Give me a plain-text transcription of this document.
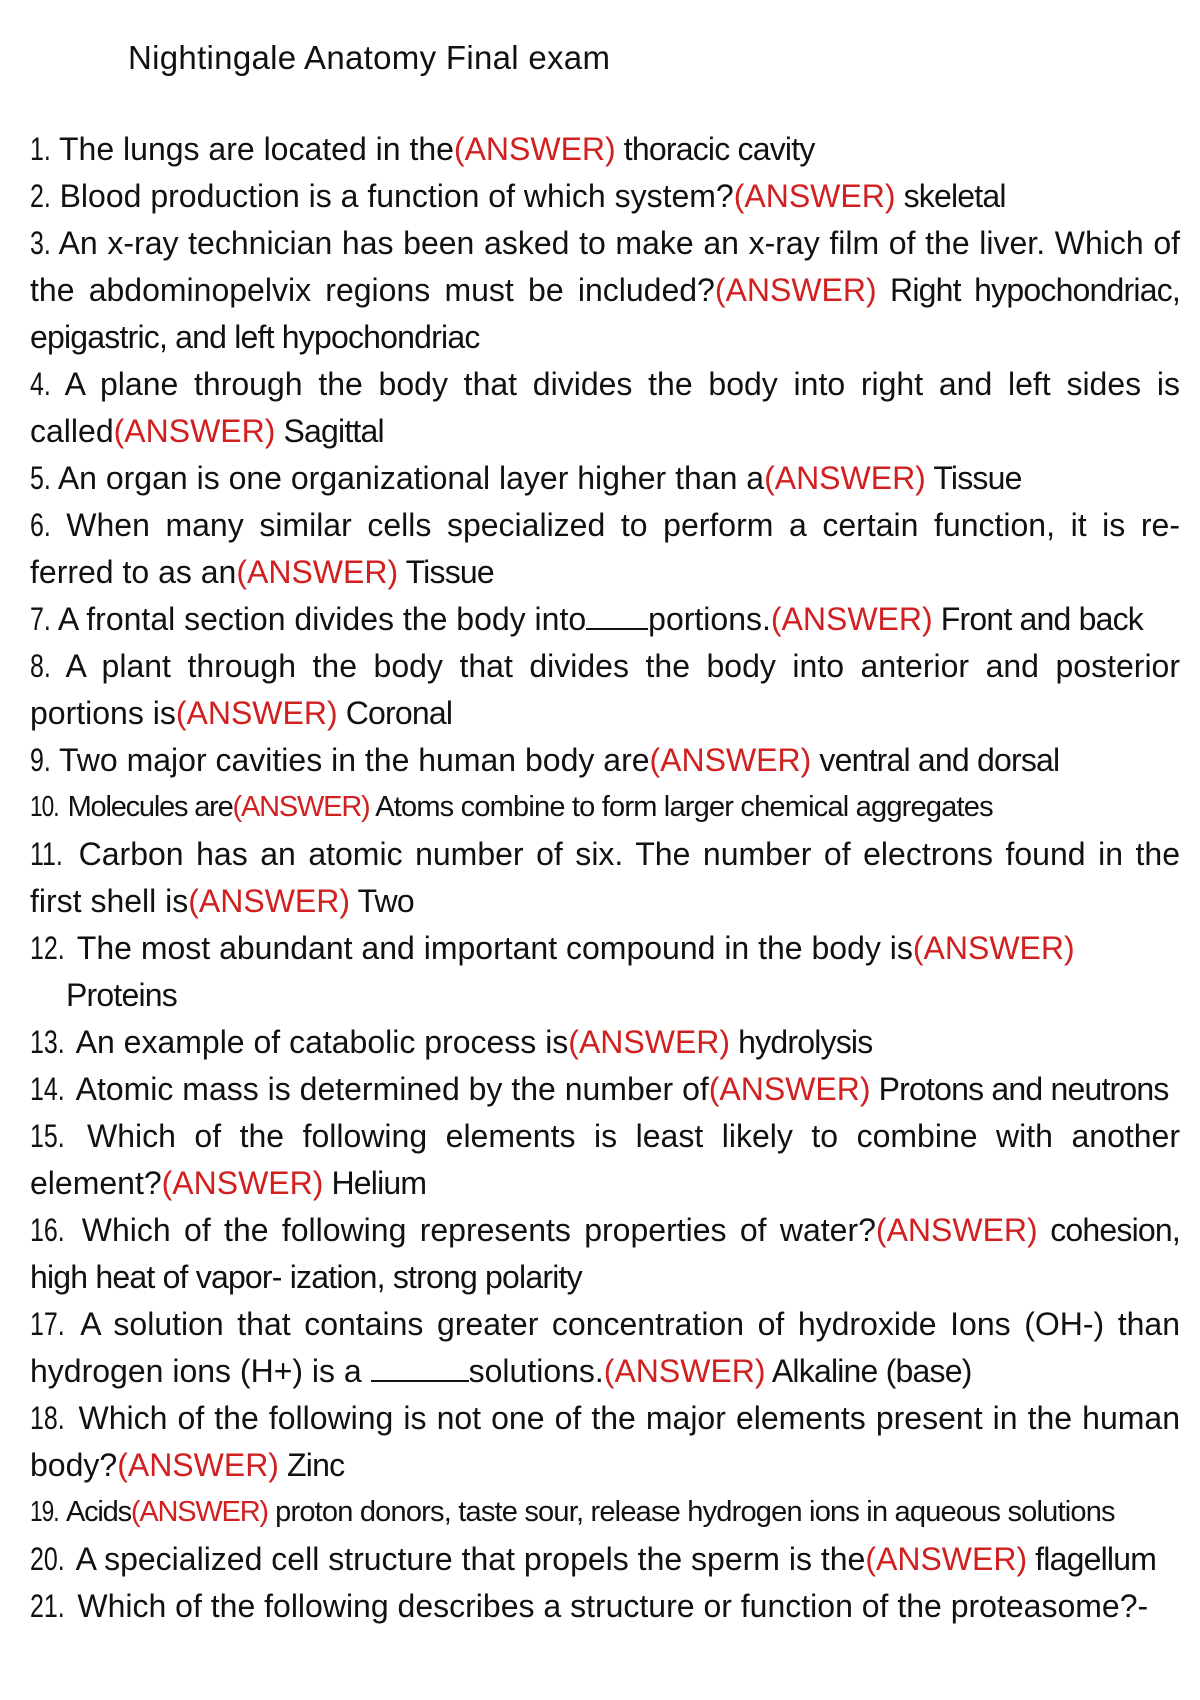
Nightingale Anatomy Final exam
1. The lungs are located in the(ANSWER) thoracic cavity
2. Blood production is a function of which system?(ANSWER) skeletal
3. An x-ray technician has been asked to make an x-ray film of the liver. Which of the abdominopelvix regions must be included?(ANSWER) Right hypochondriac, epigastric, and left hypochondriac
4. A plane through the body that divides the body into right and left sides is called(ANSWER) Sagittal
5. An organ is one organizational layer higher than a(ANSWER) Tissue
6. When many similar cells specialized to perform a certain function, it is re- ferred to as an(ANSWER) Tissue
7. A frontal section divides the body into portions.(ANSWER) Front and back
8. A plant through the body that divides the body into anterior and posterior portions is(ANSWER) Coronal
9. Two major cavities in the human body are(ANSWER) ventral and dorsal
10. Molecules are(ANSWER) Atoms combine to form larger chemical aggregates
11. Carbon has an atomic number of six. The number of electrons found in the first shell is(ANSWER) Two
12. The most abundant and important compound in the body is(ANSWER)
Proteins
13. An example of catabolic process is(ANSWER) hydrolysis
14. Atomic mass is determined by the number of(ANSWER) Protons and neutrons
15. Which of the following elements is least likely to combine with another element?(ANSWER) Helium
16. Which of the following represents properties of water?(ANSWER) cohesion, high heat of vapor- ization, strong polarity
17. A solution that contains greater concentration of hydroxide Ions (OH-) than hydrogen ions (H+) is a	solutions.(ANSWER) Alkaline (base)
18. Which of the following is not one of the major elements present in the human body?(ANSWER) Zinc
19. Acids(ANSWER) proton donors, taste sour, release hydrogen ions in aqueous solutions
20. A specialized cell structure that propels the sperm is the(ANSWER) flagellum
21. Which of the following describes a structure or function of the proteasome?-
